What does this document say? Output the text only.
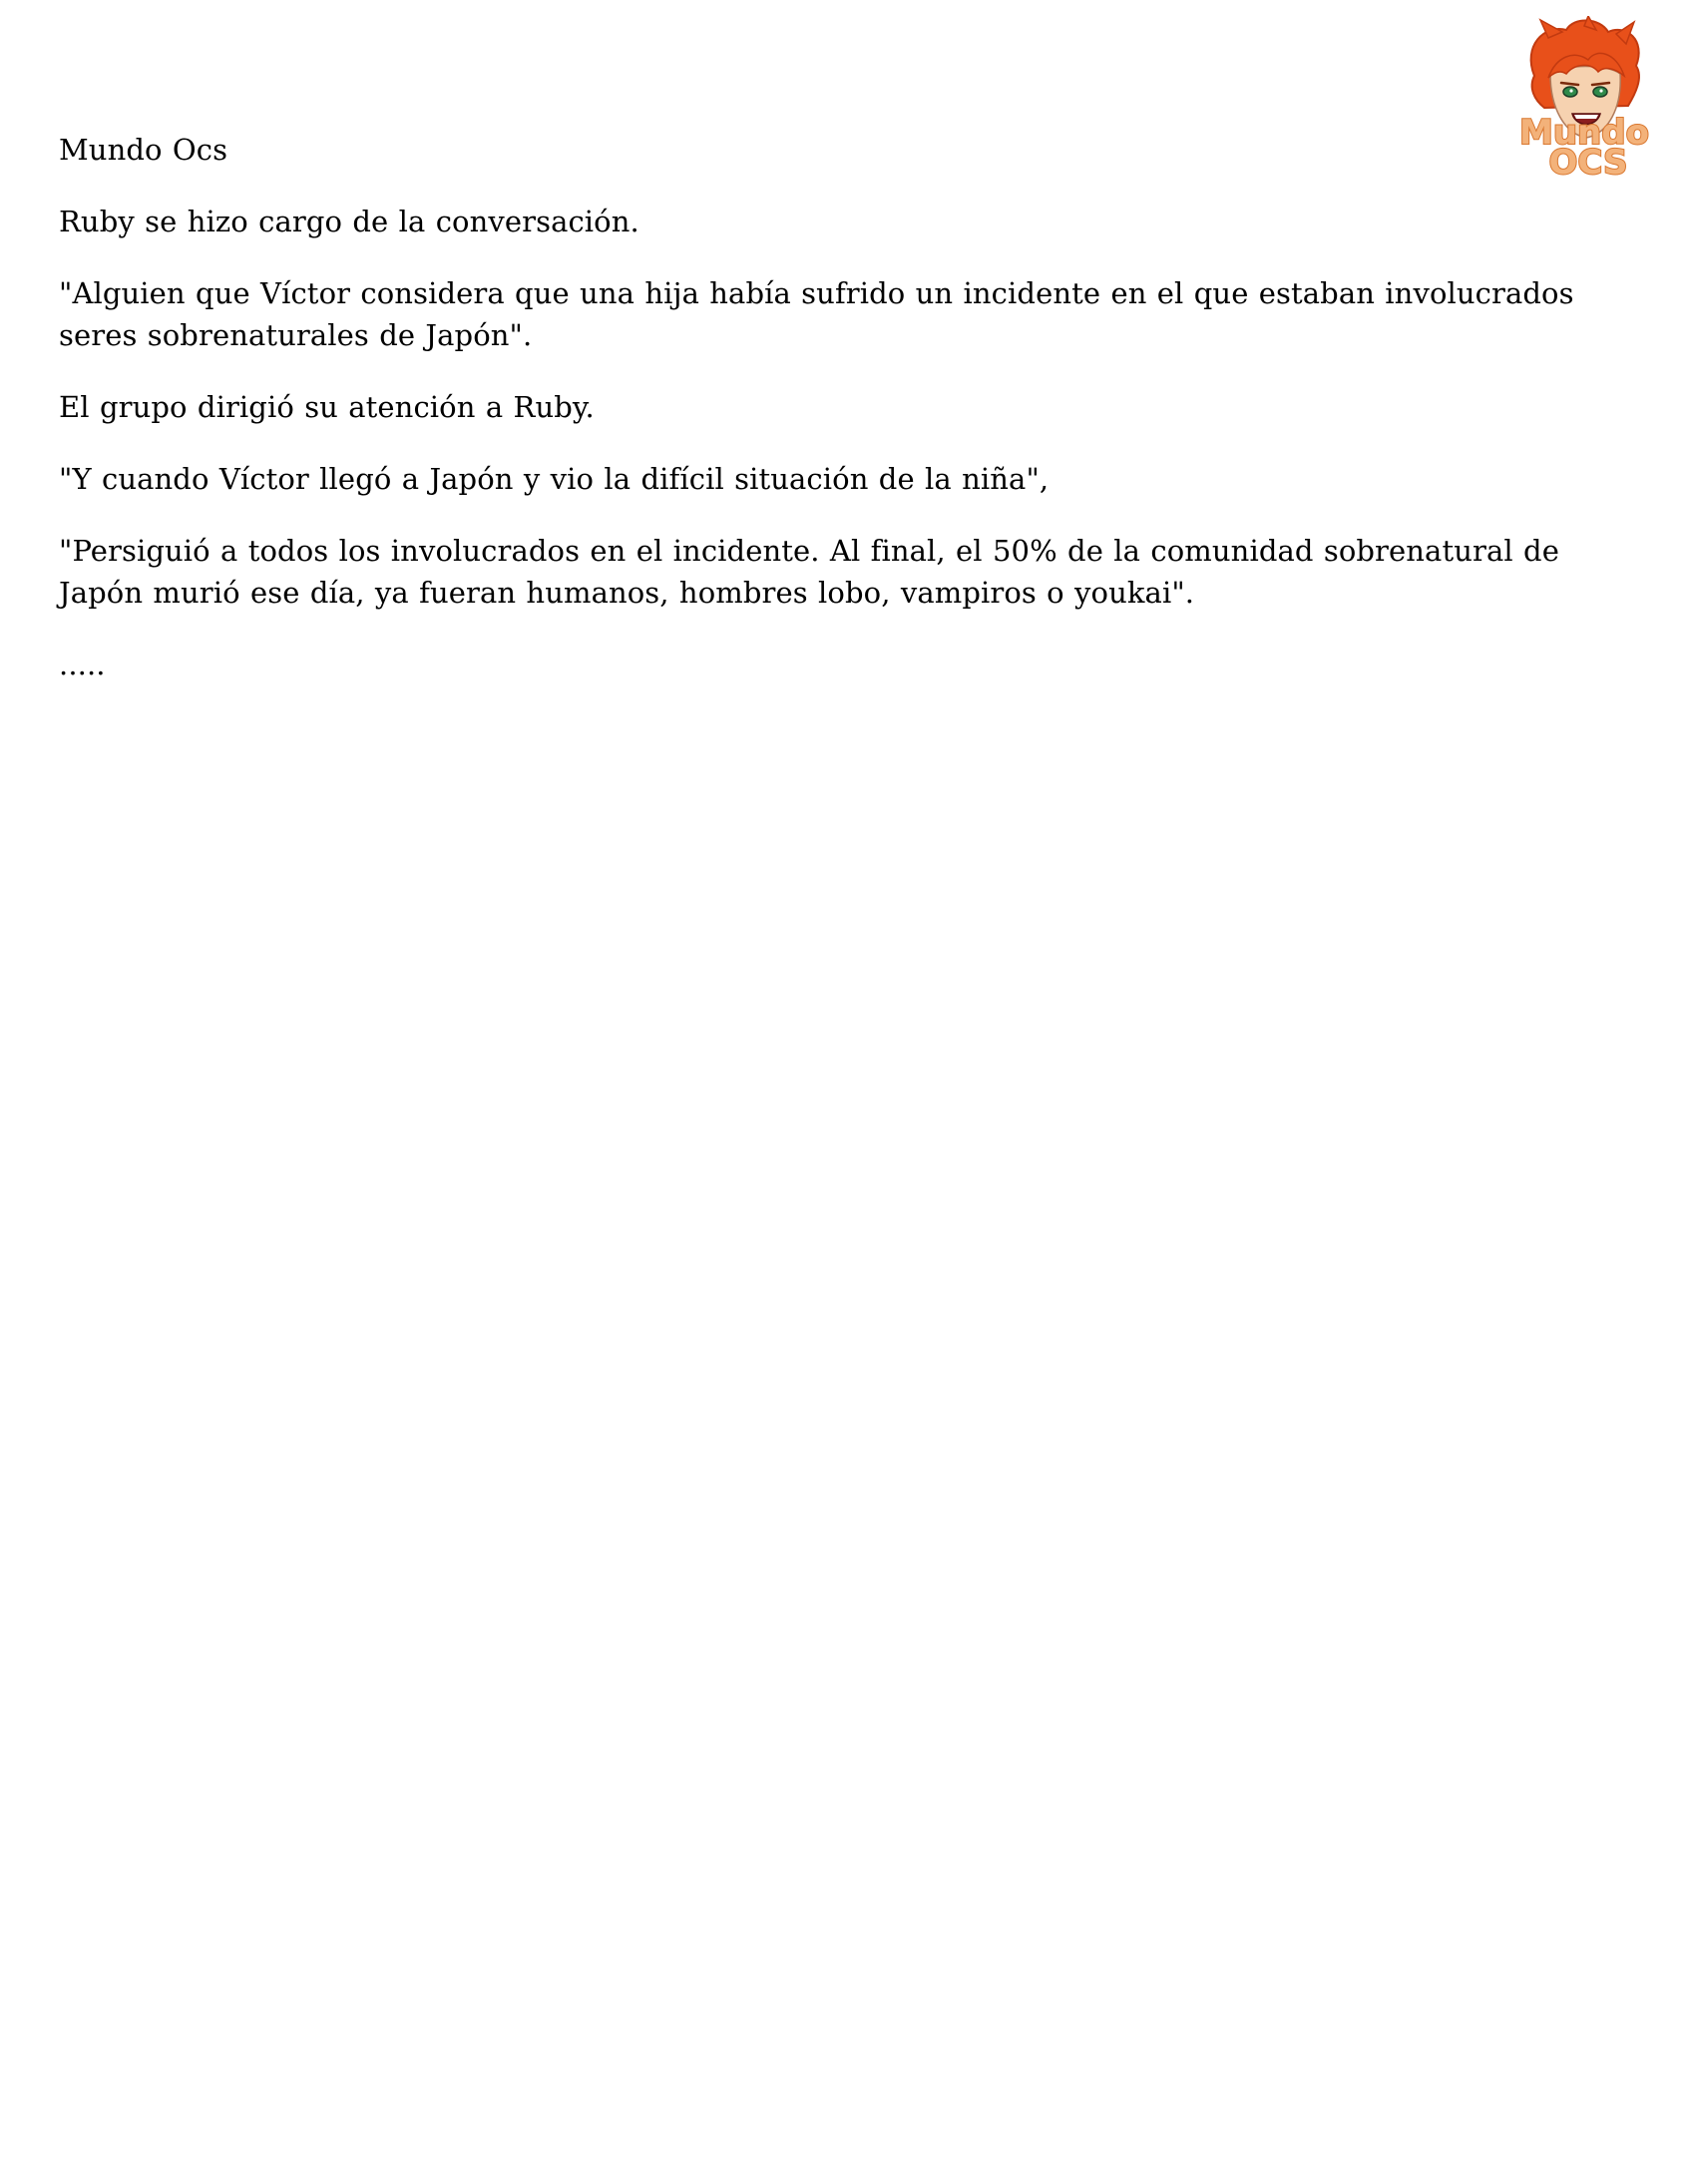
Mundo
OCS

Mundo Ocs

Ruby se hizo cargo de la conversación.

"Alguien que Víctor considera que una hija había sufrido un incidente en el que estaban involucrados seres sobrenaturales de Japón".

El grupo dirigió su atención a Ruby.

"Y cuando Víctor llegó a Japón y vio la difícil situación de la niña",

"Persiguió a todos los involucrados en el incidente. Al final, el 50% de la comunidad sobrenatural de Japón murió ese día, ya fueran humanos, hombres lobo, vampiros o youkai".

.....
